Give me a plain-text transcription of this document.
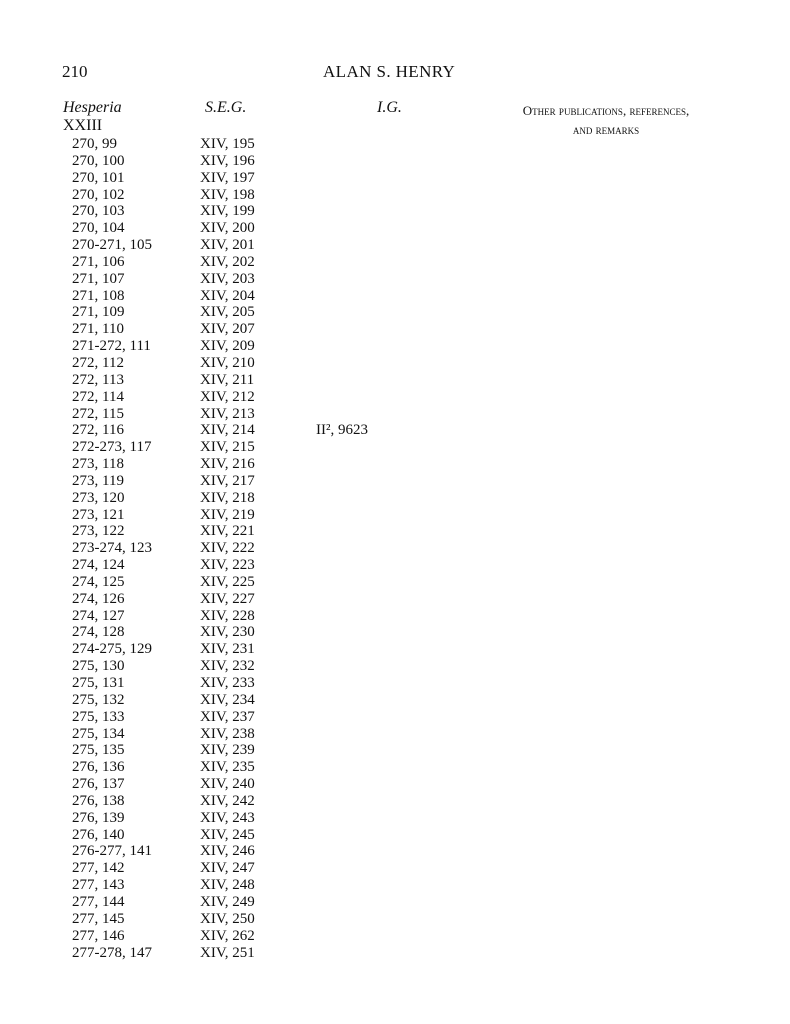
210	ALAN S. HENRY
Hesperia	S.E.G.	I.G.	Other publications, references,
and remarks
XXIII
270, 99	XIV, 195
270, 100	XIV, 196
270, 101	XIV, 197
270, 102	XIV, 198
270, 103	XIV, 199
270, 104	XIV, 200
270-271, 105	XIV, 201
271, 106	XIV, 202
271, 107	XIV, 203
271, 108	XIV, 204
271, 109	XIV, 205
271, 110	XIV, 207
271-272, 111	XIV, 209
272, 112	XIV, 210
272, 113	XIV, 211
272, 114	XIV, 212
272, 115	XIV, 213
272, 116	XIV, 214	II², 9623
272-273, 117	XIV, 215
273, 118	XIV, 216
273, 119	XIV, 217
273, 120	XIV, 218
273, 121	XIV, 219
273, 122	XIV, 221
273-274, 123	XIV, 222
274, 124	XIV, 223
274, 125	XIV, 225
274, 126	XIV, 227
274, 127	XIV, 228
274, 128	XIV, 230
274-275, 129	XIV, 231
275, 130	XIV, 232
275, 131	XIV, 233
275, 132	XIV, 234
275, 133	XIV, 237
275, 134	XIV, 238
275, 135	XIV, 239
276, 136	XIV, 235
276, 137	XIV, 240
276, 138	XIV, 242
276, 139	XIV, 243
276, 140	XIV, 245
276-277, 141	XIV, 246
277, 142	XIV, 247
277, 143	XIV, 248
277, 144	XIV, 249
277, 145	XIV, 250
277, 146	XIV, 262
277-278, 147	XIV, 251
